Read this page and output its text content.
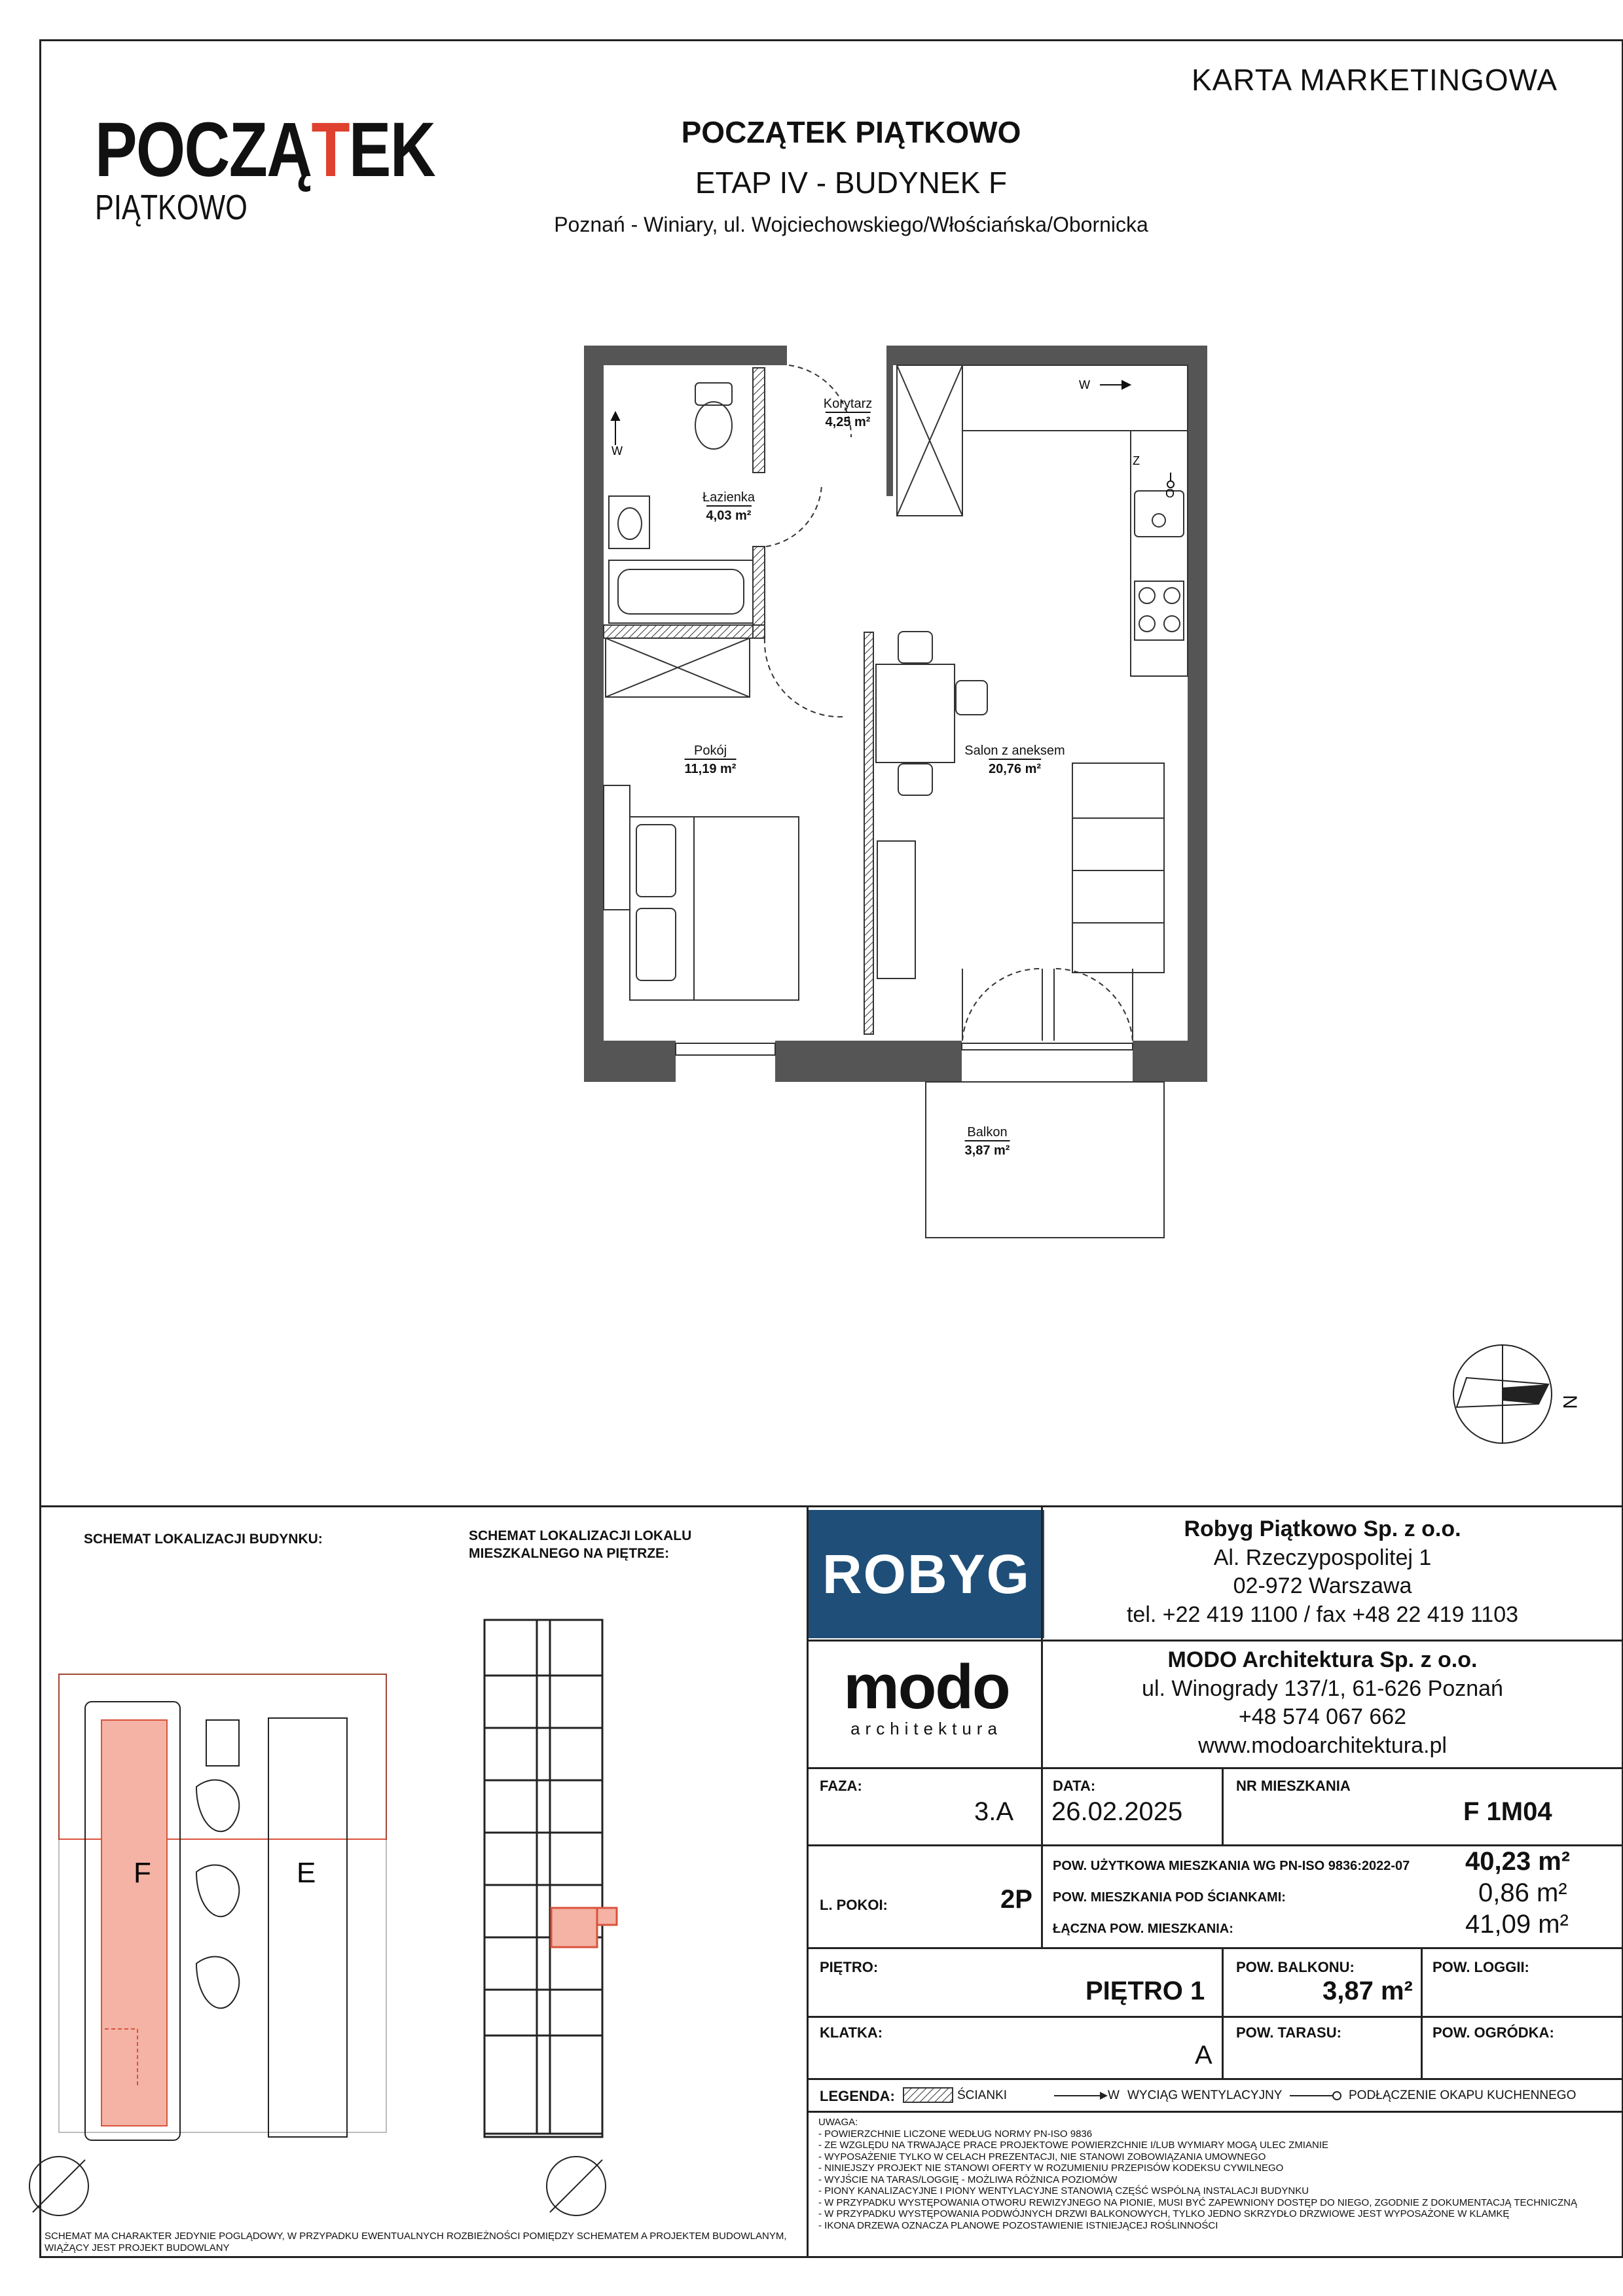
POCZĄTEK
PIĄTKOWO
KARTA MARKETINGOWA
POCZĄTEK PIĄTKOWO
ETAP IV - BUDYNEK F
Poznań - Winiary, ul. Wojciechowskiego/Włościańska/Obornicka
W
W
Z
O
F	E
N
Korytarz
4,25 m²
Łazienka
4,03 m²
Pokój
11,19 m²
Salon z aneksem
20,76 m²
Balkon
3,87 m²
SCHEMAT LOKALIZACJI BUDYNKU:	SCHEMAT LOKALIZACJI LOKALU
MIESZKALNEGO NA PIĘTRZE:
SCHEMAT MA CHARAKTER JEDYNIE POGLĄDOWY, W PRZYPADKU EWENTUALNYCH ROZBIEŻNOŚCI POMIĘDZY SCHEMATEM A PROJEKTEM BUDOWLANYM, WIĄŻĄCY JEST PROJEKT BUDOWLANY
ROBYG
modo
architektura
Robyg Piątkowo Sp. z o.o.
Al. Rzeczypospolitej 1
02-972 Warszawa
tel. +22 419 1100 / fax +48 22 419 1103
MODO Architektura Sp. z o.o.
ul. Winogrady 137/1, 61-626 Poznań
+48 574 067 662
www.modoarchitektura.pl
FAZA:
3.A
DATA:
26.02.2025
NR MIESZKANIA
F 1M04
L. POKOI:	2P
POW. UŻYTKOWA MIESZKANIA WG PN-ISO 9836:2022-07 40,23 m²
POW. MIESZKANIA POD ŚCIANKAMI:	0,86 m²
ŁĄCZNA POW. MIESZKANIA:	41,09 m²
PIĘTRO:
PIĘTRO 1
POW. BALKONU:
3,87 m²
POW. LOGGII:
KLATKA:
A
POW. TARASU:	POW. OGRÓDKA:
LEGENDA:	ŚCIANKI	W WYCIĄG WENTYLACYJNY	PODŁĄCZENIE OKAPU KUCHENNEGO
UWAGA:
- POWIERZCHNIE LICZONE WEDŁUG NORMY PN-ISO 9836
- ZE WZGLĘDU NA TRWAJĄCE PRACE PROJEKTOWE POWIERZCHNIE I/LUB WYMIARY MOGĄ ULEC ZMIANIE
- WYPOSAŻENIE TYLKO W CELACH PREZENTACJI, NIE STANOWI ZOBOWIĄZANIA UMOWNEGO
- NINIEJSZY PROJEKT NIE STANOWI OFERTY W ROZUMIENIU PRZEPISÓW KODEKSU CYWILNEGO
- WYJŚCIE NA TARAS/LOGGIĘ - MOŻLIWA RÓŻNICA POZIOMÓW
- PIONY KANALIZACYJNE I PIONY WENTYLACYJNE STANOWIĄ CZĘŚĆ WSPÓLNĄ INSTALACJI BUDYNKU
- W PRZYPADKU WYSTĘPOWANIA OTWORU REWIZYJNEGO NA PIONIE, MUSI BYĆ ZAPEWNIONY DOSTĘP DO NIEGO, ZGODNIE Z DOKUMENTACJĄ TECHNICZNĄ
- W PRZYPADKU WYSTĘPOWANIA PODWÓJNYCH DRZWI BALKONOWYCH, TYLKO JEDNO SKRZYDŁO DRZWIOWE JEST WYPOSAŻONE W KLAMKĘ
- IKONA DRZEWA OZNACZA PLANOWE POZOSTAWIENIE ISTNIEJĄCEJ ROŚLINNOŚCI
